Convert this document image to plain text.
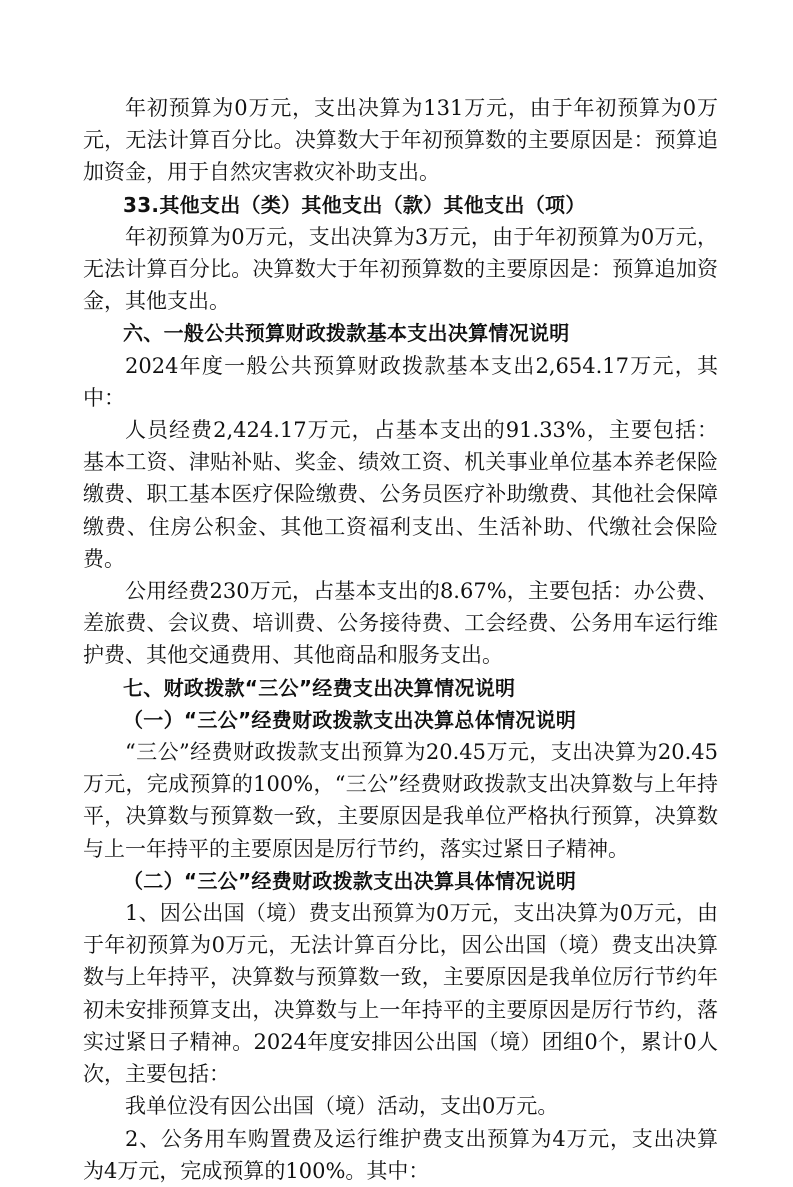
年初预算为0万元，支出决算为131万元，由于年初预算为0万元，无法计算百分比。决算数大于年初预算数的主要原因是：预算追加资金，用于自然灾害救灾补助支出。

33.其他支出（类）其他支出（款）其他支出（项）

年初预算为0万元，支出决算为3万元，由于年初预算为0万元，无法计算百分比。决算数大于年初预算数的主要原因是：预算追加资金，其他支出。

六、一般公共预算财政拨款基本支出决算情况说明

2024年度一般公共预算财政拨款基本支出2,654.17万元，其中：

人员经费2,424.17万元，占基本支出的91.33%，主要包括：基本工资、津贴补贴、奖金、绩效工资、机关事业单位基本养老保险缴费、职工基本医疗保险缴费、公务员医疗补助缴费、其他社会保障缴费、住房公积金、其他工资福利支出、生活补助、代缴社会保险费。

公用经费230万元，占基本支出的8.67%，主要包括：办公费、差旅费、会议费、培训费、公务接待费、工会经费、公务用车运行维护费、其他交通费用、其他商品和服务支出。

七、财政拨款“三公”经费支出决算情况说明

（一）“三公”经费财政拨款支出决算总体情况说明

“三公”经费财政拨款支出预算为20.45万元，支出决算为20.45万元，完成预算的100%，“三公”经费财政拨款支出决算数与上年持平，决算数与预算数一致，主要原因是我单位严格执行预算，决算数与上一年持平的主要原因是厉行节约，落实过紧日子精神。

（二）“三公”经费财政拨款支出决算具体情况说明

1、因公出国（境）费支出预算为0万元，支出决算为0万元，由于年初预算为0万元，无法计算百分比，因公出国（境）费支出决算数与上年持平，决算数与预算数一致，主要原因是我单位厉行节约年初未安排预算支出，决算数与上一年持平的主要原因是厉行节约，落实过紧日子精神。2024年度安排因公出国（境）团组0个，累计0人次，主要包括：

我单位没有因公出国（境）活动，支出0万元。

2、公务用车购置费及运行维护费支出预算为4万元，支出决算为4万元，完成预算的100%。其中：
